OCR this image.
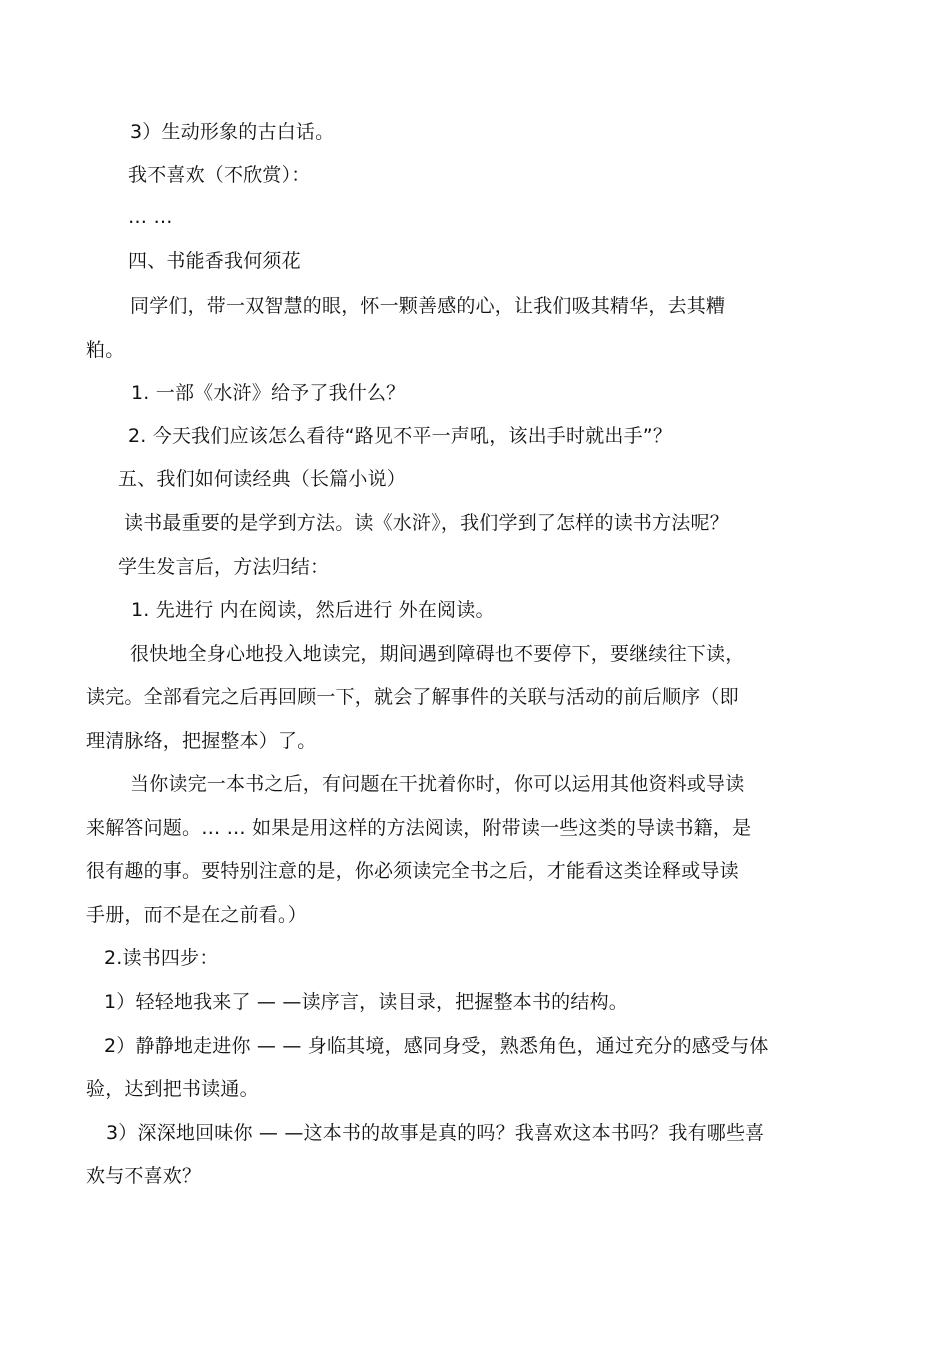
3）生动形象的古白话。
我不喜欢（不欣赏）：
… …
四、书能香我何须花
同学们，带一双智慧的眼，怀一颗善感的心，让我们吸其精华，去其糟
粕。
1. 一部《水浒》给予了我什么？
2. 今天我们应该怎么看待“路见不平一声吼，该出手时就出手”？
五、我们如何读经典（长篇小说）
读书最重要的是学到方法。读《水浒》，我们学到了怎样的读书方法呢？
学生发言后，方法归结：
1. 先进行 内在阅读，然后进行 外在阅读。
很快地全身心地投入地读完，期间遇到障碍也不要停下，要继续往下读，
读完。全部看完之后再回顾一下，就会了解事件的关联与活动的前后顺序（即
理清脉络，把握整本）了。
当你读完一本书之后，有问题在干扰着你时，你可以运用其他资料或导读
来解答问题。… … 如果是用这样的方法阅读，附带读一些这类的导读书籍，是
很有趣的事。要特别注意的是，你必须读完全书之后，才能看这类诠释或导读
手册，而不是在之前看。）
2.读书四步：
1）轻轻地我来了 — —读序言，读目录，把握整本书的结构。
2）静静地走进你 — — 身临其境，感同身受，熟悉角色，通过充分的感受与体
验，达到把书读通。
3）深深地回味你 — —这本书的故事是真的吗？我喜欢这本书吗？我有哪些喜
欢与不喜欢？
